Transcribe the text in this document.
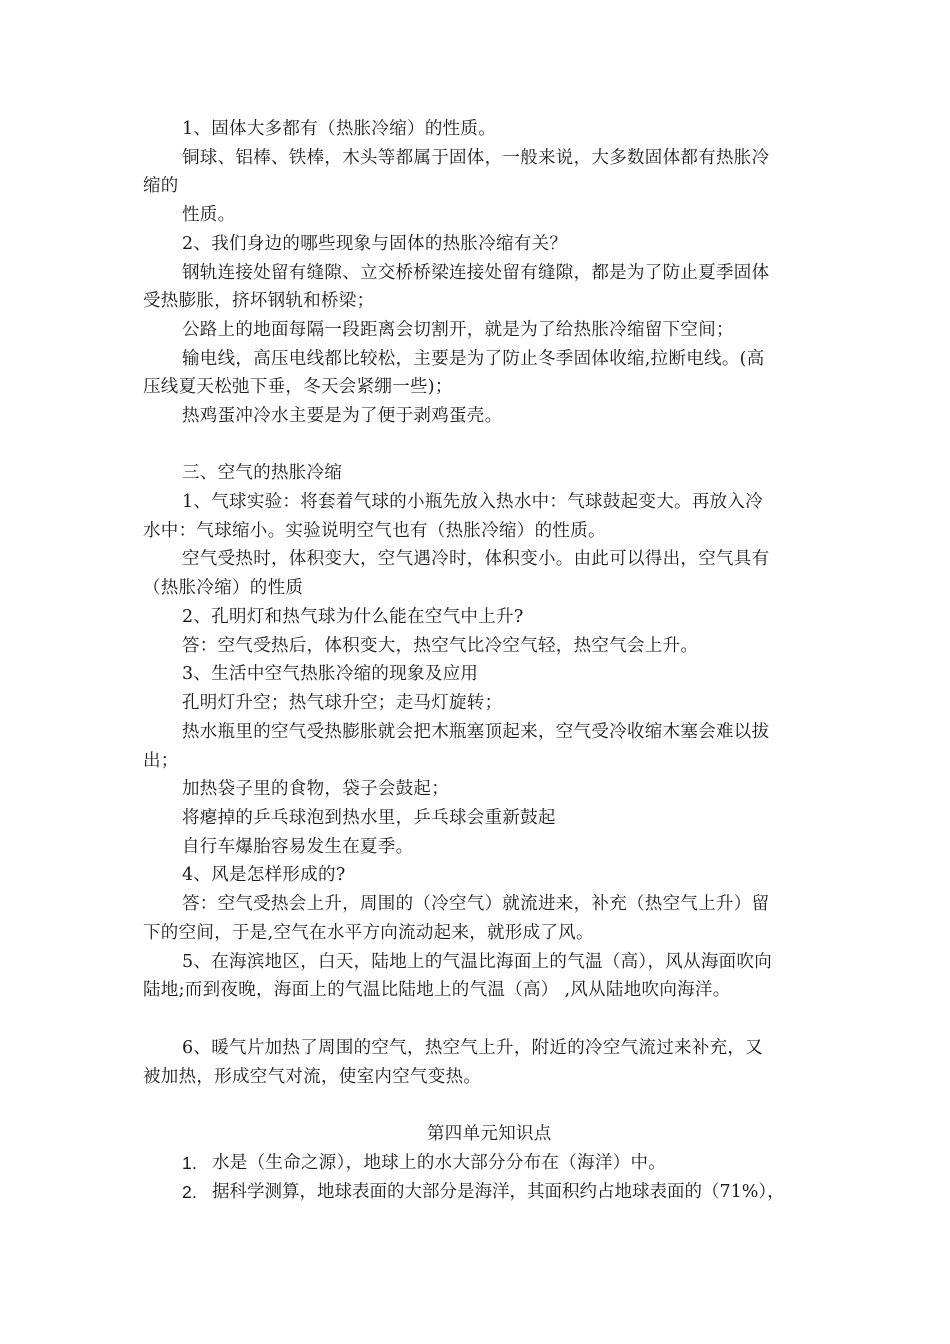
1、固体大多都有（热胀冷缩）的性质。
铜球、铝棒、铁棒，木头等都属于固体，一般来说，大多数固体都有热胀冷
缩的
性质。
2、我们身边的哪些现象与固体的热胀冷缩有关？
钢轨连接处留有缝隙、立交桥桥梁连接处留有缝隙，都是为了防止夏季固体
受热膨胀，挤坏钢轨和桥梁；
公路上的地面每隔一段距离会切割开，就是为了给热胀冷缩留下空间；
输电线，高压电线都比较松，主要是为了防止冬季固体收缩,拉断电线。(高
压线夏天松弛下垂，冬天会紧绷一些)；
热鸡蛋冲冷水主要是为了便于剥鸡蛋壳。
三、空气的热胀冷缩
1、气球实验：将套着气球的小瓶先放入热水中：气球鼓起变大。再放入冷
水中：气球缩小。实验说明空气也有（热胀冷缩）的性质。
空气受热时，体积变大，空气遇冷时，体积变小。由此可以得出，空气具有
（热胀冷缩）的性质
2、孔明灯和热气球为什么能在空气中上升?
答：空气受热后，体积变大，热空气比冷空气轻，热空气会上升。
3、生活中空气热胀冷缩的现象及应用
孔明灯升空；热气球升空；走马灯旋转；
热水瓶里的空气受热膨胀就会把木瓶塞顶起来，空气受冷收缩木塞会难以拔
出；
加热袋子里的食物，袋子会鼓起；
将瘪掉的乒乓球泡到热水里，乒乓球会重新鼓起
自行车爆胎容易发生在夏季。
4、风是怎样形成的?
答：空气受热会上升，周围的（冷空气）就流进来，补充（热空气上升）留
下的空间，于是,空气在水平方向流动起来，就形成了风。
5、在海滨地区，白天，陆地上的气温比海面上的气温（高），风从海面吹向
陆地;而到夜晚，海面上的气温比陆地上的气温（高） ,风从陆地吹向海洋。
6、暖气片加热了周围的空气，热空气上升，附近的冷空气流过来补充，又
被加热，形成空气对流，使室内空气变热。
第四单元知识点
1. 水是（生命之源），地球上的水大部分分布在（海洋）中。
2. 据科学测算，地球表面的大部分是海洋，其面积约占地球表面的（71%），
